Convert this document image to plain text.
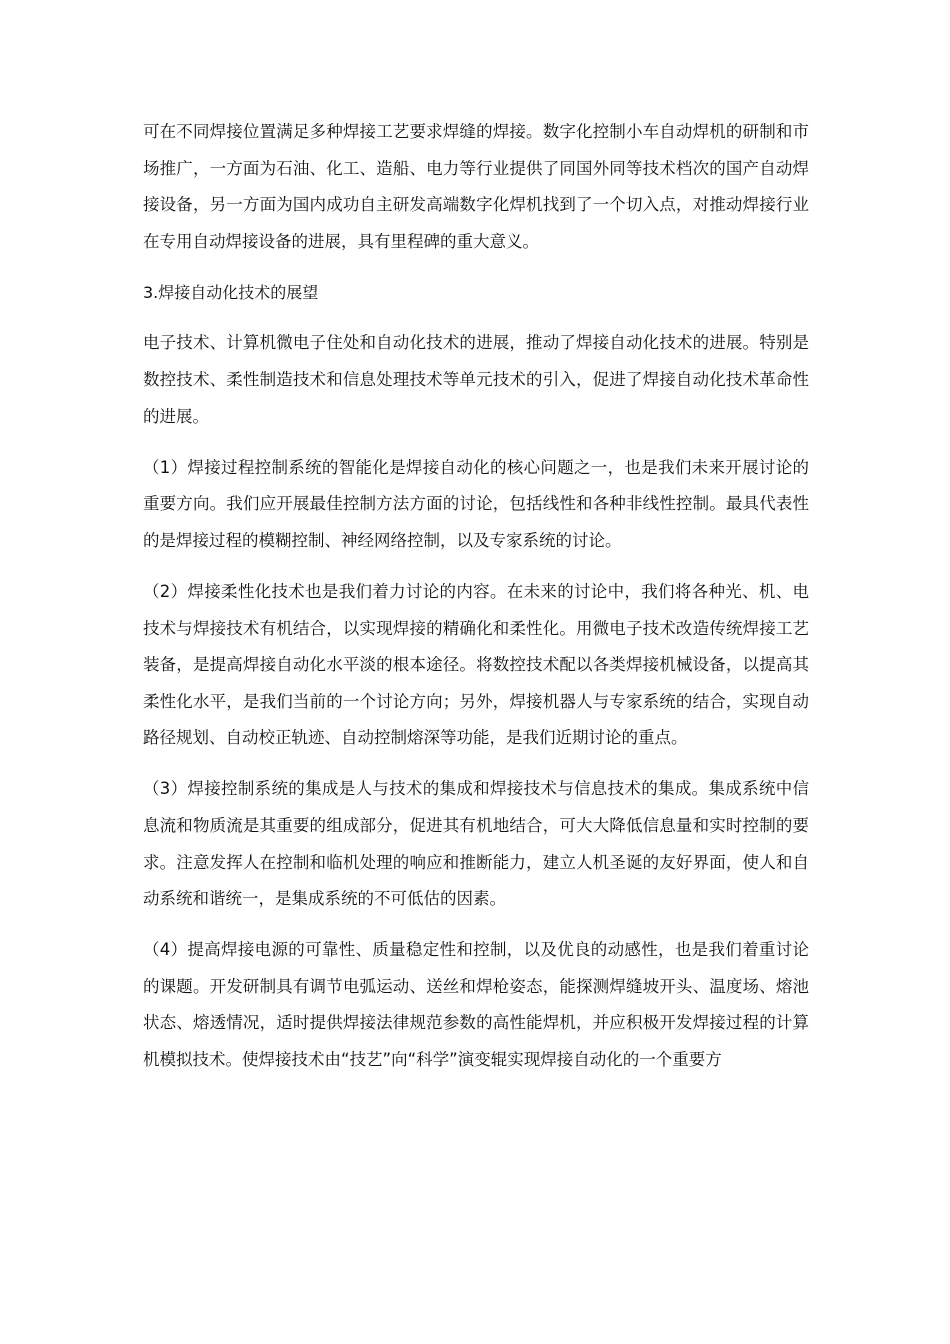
可在不同焊接位置满足多种焊接工艺要求焊缝的焊接。数字化控制小车自动焊机的研制和市场推广，一方面为石油、化工、造船、电力等行业提供了同国外同等技术档次的国产自动焊接设备，另一方面为国内成功自主研发高端数字化焊机找到了一个切入点，对推动焊接行业在专用自动焊接设备的进展，具有里程碑的重大意义。

3.焊接自动化技术的展望

电子技术、计算机微电子住处和自动化技术的进展，推动了焊接自动化技术的进展。特别是数控技术、柔性制造技术和信息处理技术等单元技术的引入，促进了焊接自动化技术革命性的进展。

（1）焊接过程控制系统的智能化是焊接自动化的核心问题之一，也是我们未来开展讨论的重要方向。我们应开展最佳控制方法方面的讨论，包括线性和各种非线性控制。最具代表性的是焊接过程的模糊控制、神经网络控制，以及专家系统的讨论。

（2）焊接柔性化技术也是我们着力讨论的内容。在未来的讨论中，我们将各种光、机、电技术与焊接技术有机结合，以实现焊接的精确化和柔性化。用微电子技术改造传统焊接工艺装备，是提高焊接自动化水平淡的根本途径。将数控技术配以各类焊接机械设备，以提高其柔性化水平，是我们当前的一个讨论方向；另外，焊接机器人与专家系统的结合，实现自动路径规划、自动校正轨迹、自动控制熔深等功能，是我们近期讨论的重点。

（3）焊接控制系统的集成是人与技术的集成和焊接技术与信息技术的集成。集成系统中信息流和物质流是其重要的组成部分，促进其有机地结合，可大大降低信息量和实时控制的要求。注意发挥人在控制和临机处理的响应和推断能力，建立人机圣诞的友好界面，使人和自动系统和谐统一，是集成系统的不可低估的因素。

（4）提高焊接电源的可靠性、质量稳定性和控制，以及优良的动感性，也是我们着重讨论的课题。开发研制具有调节电弧运动、送丝和焊枪姿态，能探测焊缝坡开头、温度场、熔池状态、熔透情况，适时提供焊接法律规范参数的高性能焊机，并应积极开发焊接过程的计算机模拟技术。使焊接技术由“技艺”向“科学”演变辊实现焊接自动化的一个重要方
